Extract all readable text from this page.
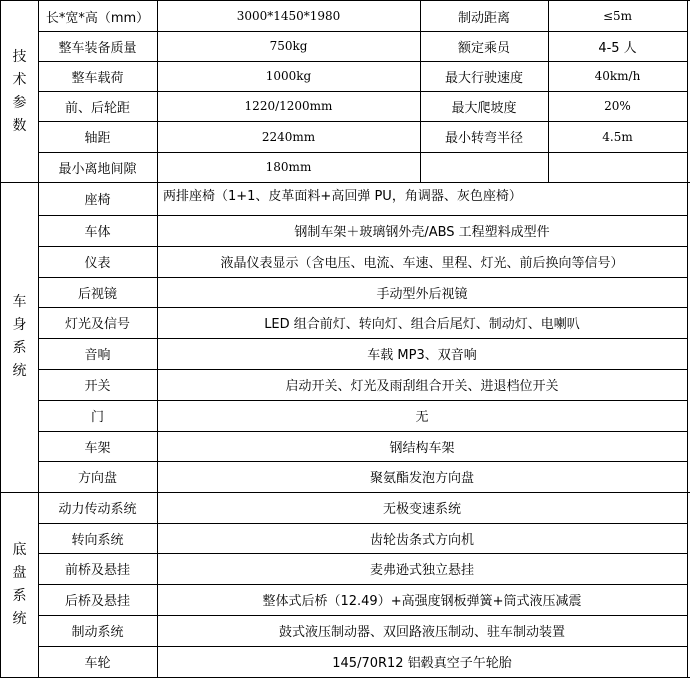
技
术
参
数
长*宽*高（mm）	3000*1450*1980	制动距离	≤5m
整车装备质量	750kg	额定乘员	4-5 人
整车载荷	1000kg	最大行驶速度	40km/h
前、后轮距	1220/1200mm	最大爬坡度	20%
轴距	2240mm	最小转弯半径	4.5m
最小离地间隙	180mm
车
身
系
统
座椅	两排座椅（1+1、皮革面料+高回弹 PU，角调器、灰色座椅）
车体	钢制车架＋玻璃钢外壳/ABS 工程塑料成型件
仪表	液晶仪表显示（含电压、电流、车速、里程、灯光、前后换向等信号）
后视镜	手动型外后视镜
灯光及信号	LED 组合前灯、转向灯、组合后尾灯、制动灯、电喇叭
音响	车载 MP3、双音响
开关	启动开关、灯光及雨刮组合开关、进退档位开关
门	无
车架	钢结构车架
方向盘	聚氨酯发泡方向盘
底
盘
系
统
动力传动系统	无极变速系统
转向系统	齿轮齿条式方向机
前桥及悬挂	麦弗逊式独立悬挂
后桥及悬挂	整体式后桥（12.49）+高强度钢板弹簧+筒式液压减震
制动系统	鼓式液压制动器、双回路液压制动、驻车制动装置
车轮	145/70R12 铝毂真空子午轮胎
